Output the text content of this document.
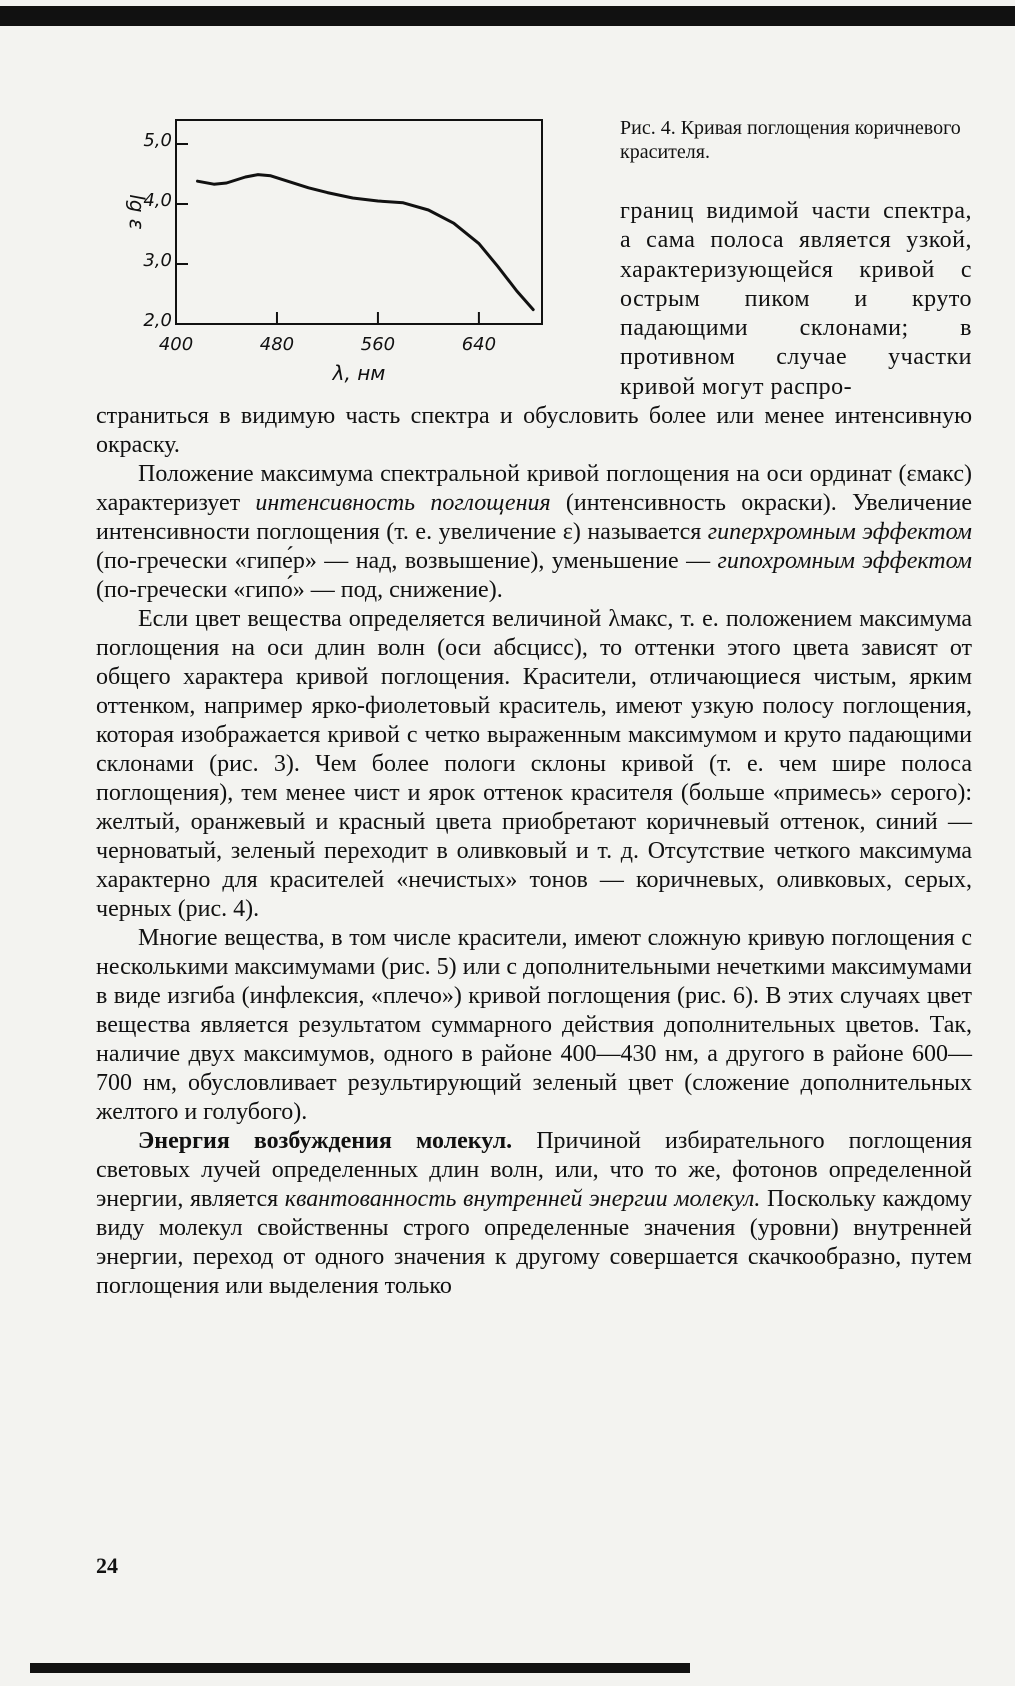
2,0
3,0
4,0
5,0
400	480	560	640
lg ε
λ, нм
Рис. 4. Кривая поглощения коричневого красителя.
границ видимой части спектра, а сама полоса является узкой, характеризующейся кривой с острым пиком и круто падающими склонами; в противном случае участки кривой могут распро-

страниться в видимую часть спектра и обусловить более или менее интенсивную окраску.

Положение максимума спектральной кривой поглощения на оси ординат (εмакс) характеризует интенсивность поглощения (интенсивность окраски). Увеличение интенсивности поглощения (т. е. увеличение ε) называется гиперхромным эффектом (по-гречески «гипе́р» — над, возвышение), уменьшение — гипохромным эффектом (по-гречески «гипо́» — под, снижение).

Если цвет вещества определяется величиной λмакс, т. е. положением максимума поглощения на оси длин волн (оси абсцисс), то оттенки этого цвета зависят от общего характера кривой поглощения. Красители, отличающиеся чистым, ярким оттенком, например ярко-фиолетовый краситель, имеют узкую полосу поглощения, которая изображается кривой с четко выраженным максимумом и круто падающими склонами (рис. 3). Чем более пологи склоны кривой (т. е. чем шире полоса поглощения), тем менее чист и ярок оттенок красителя (больше «примесь» серого): желтый, оранжевый и красный цвета приобретают коричневый оттенок, синий — черноватый, зеленый переходит в оливковый и т. д. Отсутствие четкого максимума характерно для красителей «нечистых» тонов — коричневых, оливковых, серых, черных (рис. 4).

Многие вещества, в том числе красители, имеют сложную кривую поглощения с несколькими максимумами (рис. 5) или с дополнительными нечеткими максимумами в виде изгиба (инфлексия, «плечо») кривой поглощения (рис. 6). В этих случаях цвет вещества является результатом суммарного действия дополнительных цветов. Так, наличие двух максимумов, одного в районе 400—430 нм, а другого в районе 600—700 нм, обусловливает результирующий зеленый цвет (сложение дополнительных желтого и голубого).

Энергия возбуждения молекул. Причиной избирательного поглощения световых лучей определенных длин волн, или, что то же, фотонов определенной энергии, является квантованность внутренней энергии молекул. Поскольку каждому виду молекул свойственны строго определенные значения (уровни) внутренней энергии, переход от одного значения к другому совершается скачкообразно, путем поглощения или выделения только

24
